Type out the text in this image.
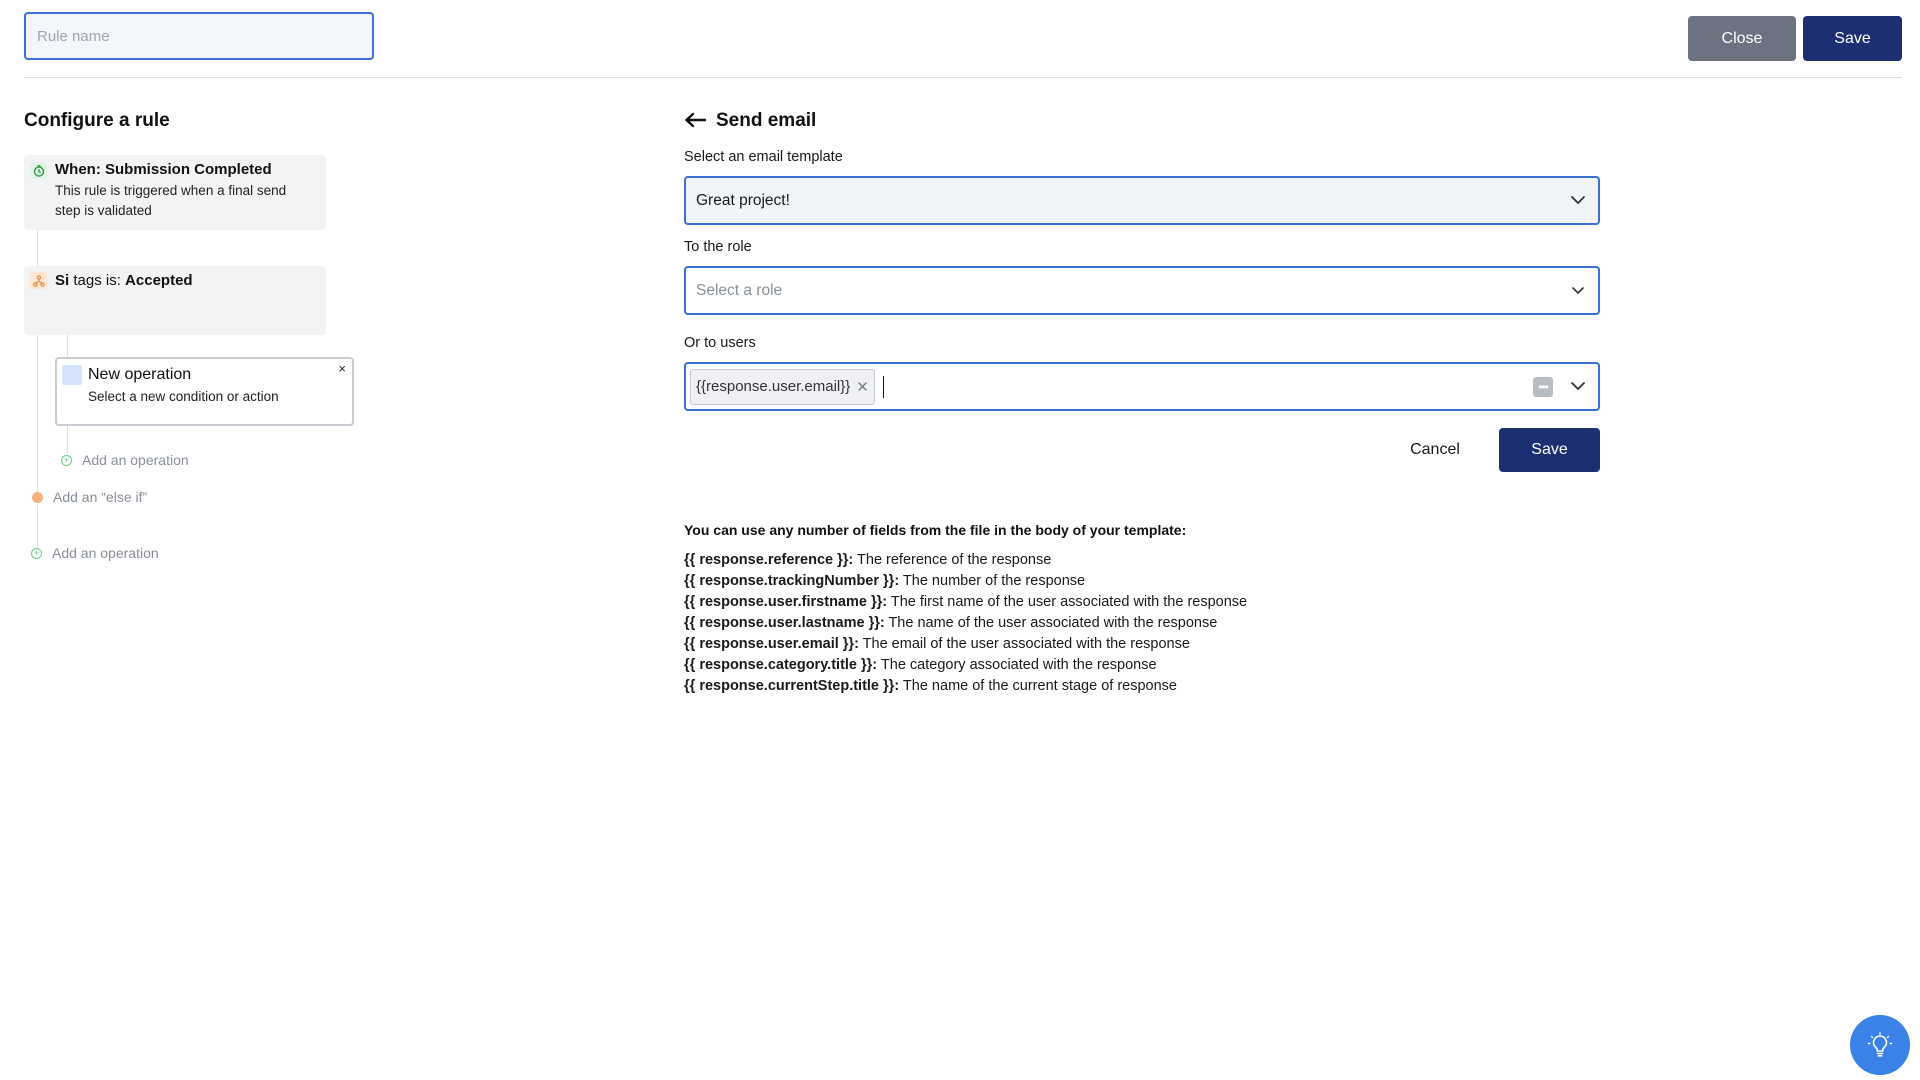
Rule name
Close	Save
Configure a rule
When: Submission Completed
This rule is triggered when a final send step is validated
Si tags is: Accepted
New operation
Select a new condition or action
×
+ Add an operation
Add an “else if”
+ Add an operation
Send email
Select an email template
Great project!
To the role
Select a role
Or to users
{{response.user.email}} ✕	•••
Cancel	Save
You can use any number of fields from the file in the body of your template:
{{ response.reference }}: The reference of the response
{{ response.trackingNumber }}: The number of the response
{{ response.user.firstname }}: The first name of the user associated with the response
{{ response.user.lastname }}: The name of the user associated with the response
{{ response.user.email }}: The email of the user associated with the response
{{ response.category.title }}: The category associated with the response
{{ response.currentStep.title }}: The name of the current stage of response
